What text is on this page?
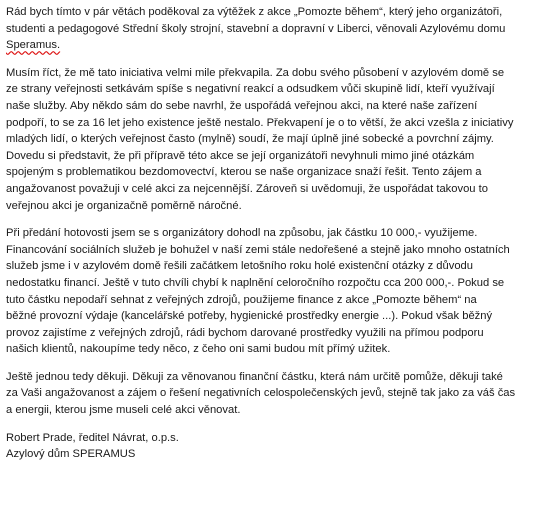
Rád bych tímto v pár větách poděkoval za výtěžek z akce „Pomozte během“, který jeho organizátoři,
studenti a pedagogové Střední školy strojní, stavební a dopravní v Liberci, věnovali Azylovému domu
Speramus.
Musím říct, že mě tato iniciativa velmi mile překvapila. Za dobu svého působení v azylovém domě se
ze strany veřejnosti setkávám spíše s negativní reakcí a odsudkem vůči skupině lidí, kteří využívají
naše služby. Aby někdo sám do sebe navrhl, že uspořádá veřejnou akci, na které naše zařízení
podpoří, to se za 16 let jeho existence ještě nestalo. Překvapení je o to větší, že akci vzešla z iniciativy
mladých lidí, o kterých veřejnost často (mylně) soudí, že mají úplně jiné sobecké a povrchní zájmy.
Dovedu si představit, že při přípravě této akce se její organizátoři nevyhnuli mimo jiné otázkám
spojeným s problematikou bezdomovectví, kterou se naše organizace snaží řešit. Tento zájem a
angažovanost považuji v celé akci za nejcennější. Zároveň si uvědomuji, že uspořádat takovou to
veřejnou akci je organizačně poměrně náročné.
Při předání hotovosti jsem se s organizátory dohodl na způsobu, jak částku 10 000,- využijeme.
Financování sociálních služeb je bohužel v naší zemi stále nedořešené a stejně jako mnoho ostatních
služeb jsme i v azylovém domě řešili začátkem letošního roku holé existenční otázky z důvodu
nedostatku financí. Ještě v tuto chvíli chybí k naplnění celoročního rozpočtu cca 200 000,-. Pokud se
tuto částku nepodaří sehnat z veřejných zdrojů, použijeme finance z akce „Pomozte během“ na
běžné provozní výdaje (kancelářské potřeby, hygienické prostředky energie ...). Pokud však běžný
provoz zajistíme z veřejných zdrojů, rádi bychom darované prostředky využili na přímou podporu
našich klientů, nakoupíme tedy něco, z čeho oni sami budou mít přímý užitek.
Ještě jednou tedy děkuji. Děkuji za věnovanou finanční částku, která nám určitě pomůže, děkuji také
za Vaši angažovanost a zájem o řešení negativních celospolečenských jevů, stejně tak jako za váš čas
a energii, kterou jsme museli celé akci věnovat.
Robert Prade, ředitel Návrat, o.p.s.
Azylový dům SPERAMUS
